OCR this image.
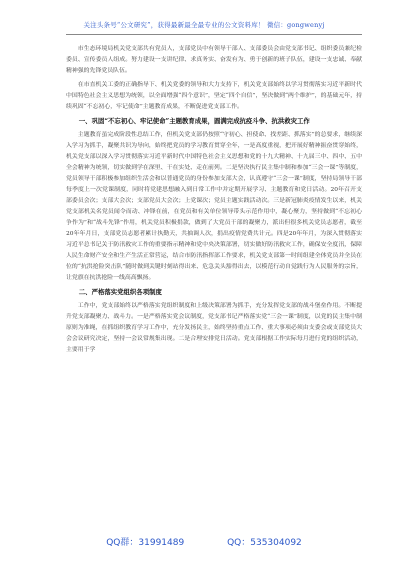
关注头条号“公文研究”，获得最新最全最专业的公文资料库！ 微信：gongwenyj

市生态环境局机关党支部共有党员人，支部党员中有领导干部人、支部委员会由党支部书记、组织委员兼纪检委员、宣传委员人组成。努力建设一支讲纪律、求真务实、奋发有为、勇于创新的班子队伍，建设一支忠诚、奉献精神强的先锋党员队伍。

在市直机关工委的正确指导下、机关党委的领导和大力支持下，机关党支部始终以学习贯彻落实习近平新时代中国特色社会主义思想为统领，以全面增强“四个意识”，坚定“四个自信”，坚决做到“两个维护”，的基础元年，持续巩固“不忘初心，牢记使命”主题教育成果，不断促进党支部工作。

一、巩固“不忘初心、牢记使命”主题教育成果，圆满完成抗疫斗争、抗洪救灾工作

主题教育虽完成阶段性总结工作，但机关党支部仍按照“守初心、担使命、找差距、抓落实”的总要求，继续深入学习为抓手，凝聚共识为导向，始终把党员的学习教育贯穿全年，一是高度重视，把开展好精神振奋贯穿始终，机关党支部以深入学习贯彻落实习近平新时代中国特色社会主义思想和党的十九大精神、十九届三中、四中、五中全会精神为统领，切实做到学在深里、干在实处、走在前列。二是坚决执行民主集中制和参加“三会一课”等制度，党员领导干部积极参加组织生活会和以普通党员的身份参加支部大会，认真遵守“三会一课”制度，坚持局领导干部每季度上一次党课制度，同时将党建思想融入到日常工作中并定期开展学习、主题教育和党日活动。20年召开支部委员会次；支部大会次；支部党员大会次；上党课次；党员主题实践活动次。三是新冠肺炎疫情发生以来，机关党支部机关名党员闻令而动、冲锋在前，在党员和有关单位领导带头示范作用中，凝心聚力，坚持做到“不忘初心争作为”和“战斗先锋”作用，机关党员积极捐款，做到了大党员干部的凝聚力，派出但很多机关党员志愿者，截至20年年月日，支部党员志愿者累计执勤天，共抽调人次，捐出疫情党费共计元。四是20年年月，为深入贯彻落实习近平总书记关于防汛救灾工作的重要指示精神和党中央决策部署，切实做好防汛救灾工作，确保安全度汛，保障人民生命财产安全和生产生活正常营运，结合市防汛指挥部工作要求，机关党支部第一时间组建全体党员并全员在位的“抗洪抢险突击队”随时做到关键时刻站得出来、危急关头豁得出去，以模范行动自觉践行为人民服务的宗旨，让党旗在抗洪抢险一线高高飘扬。

二、严格落实党组织各项制度

工作中，党支部始终以严格落实党组织制度和上级决策部署为抓手，充分发挥党支部的战斗堡垒作用。不断提升党支部凝聚力、战斗力。一是严格落实党会议制度，党支部书记严格落实党“三会一课”制度，以党的民主集中制原则为准绳，在抓组织教育学习工作中，充分发扬民主，始终坚持重点工作、重大事项必须由支委会或支部党员大会会议研究决定，坚持一会议常规集出现。二是合理安排党日活动。党支部根据工作实际每月进行党的组织活动，主要用于学

QQ群：31991489	QQ：535304092
